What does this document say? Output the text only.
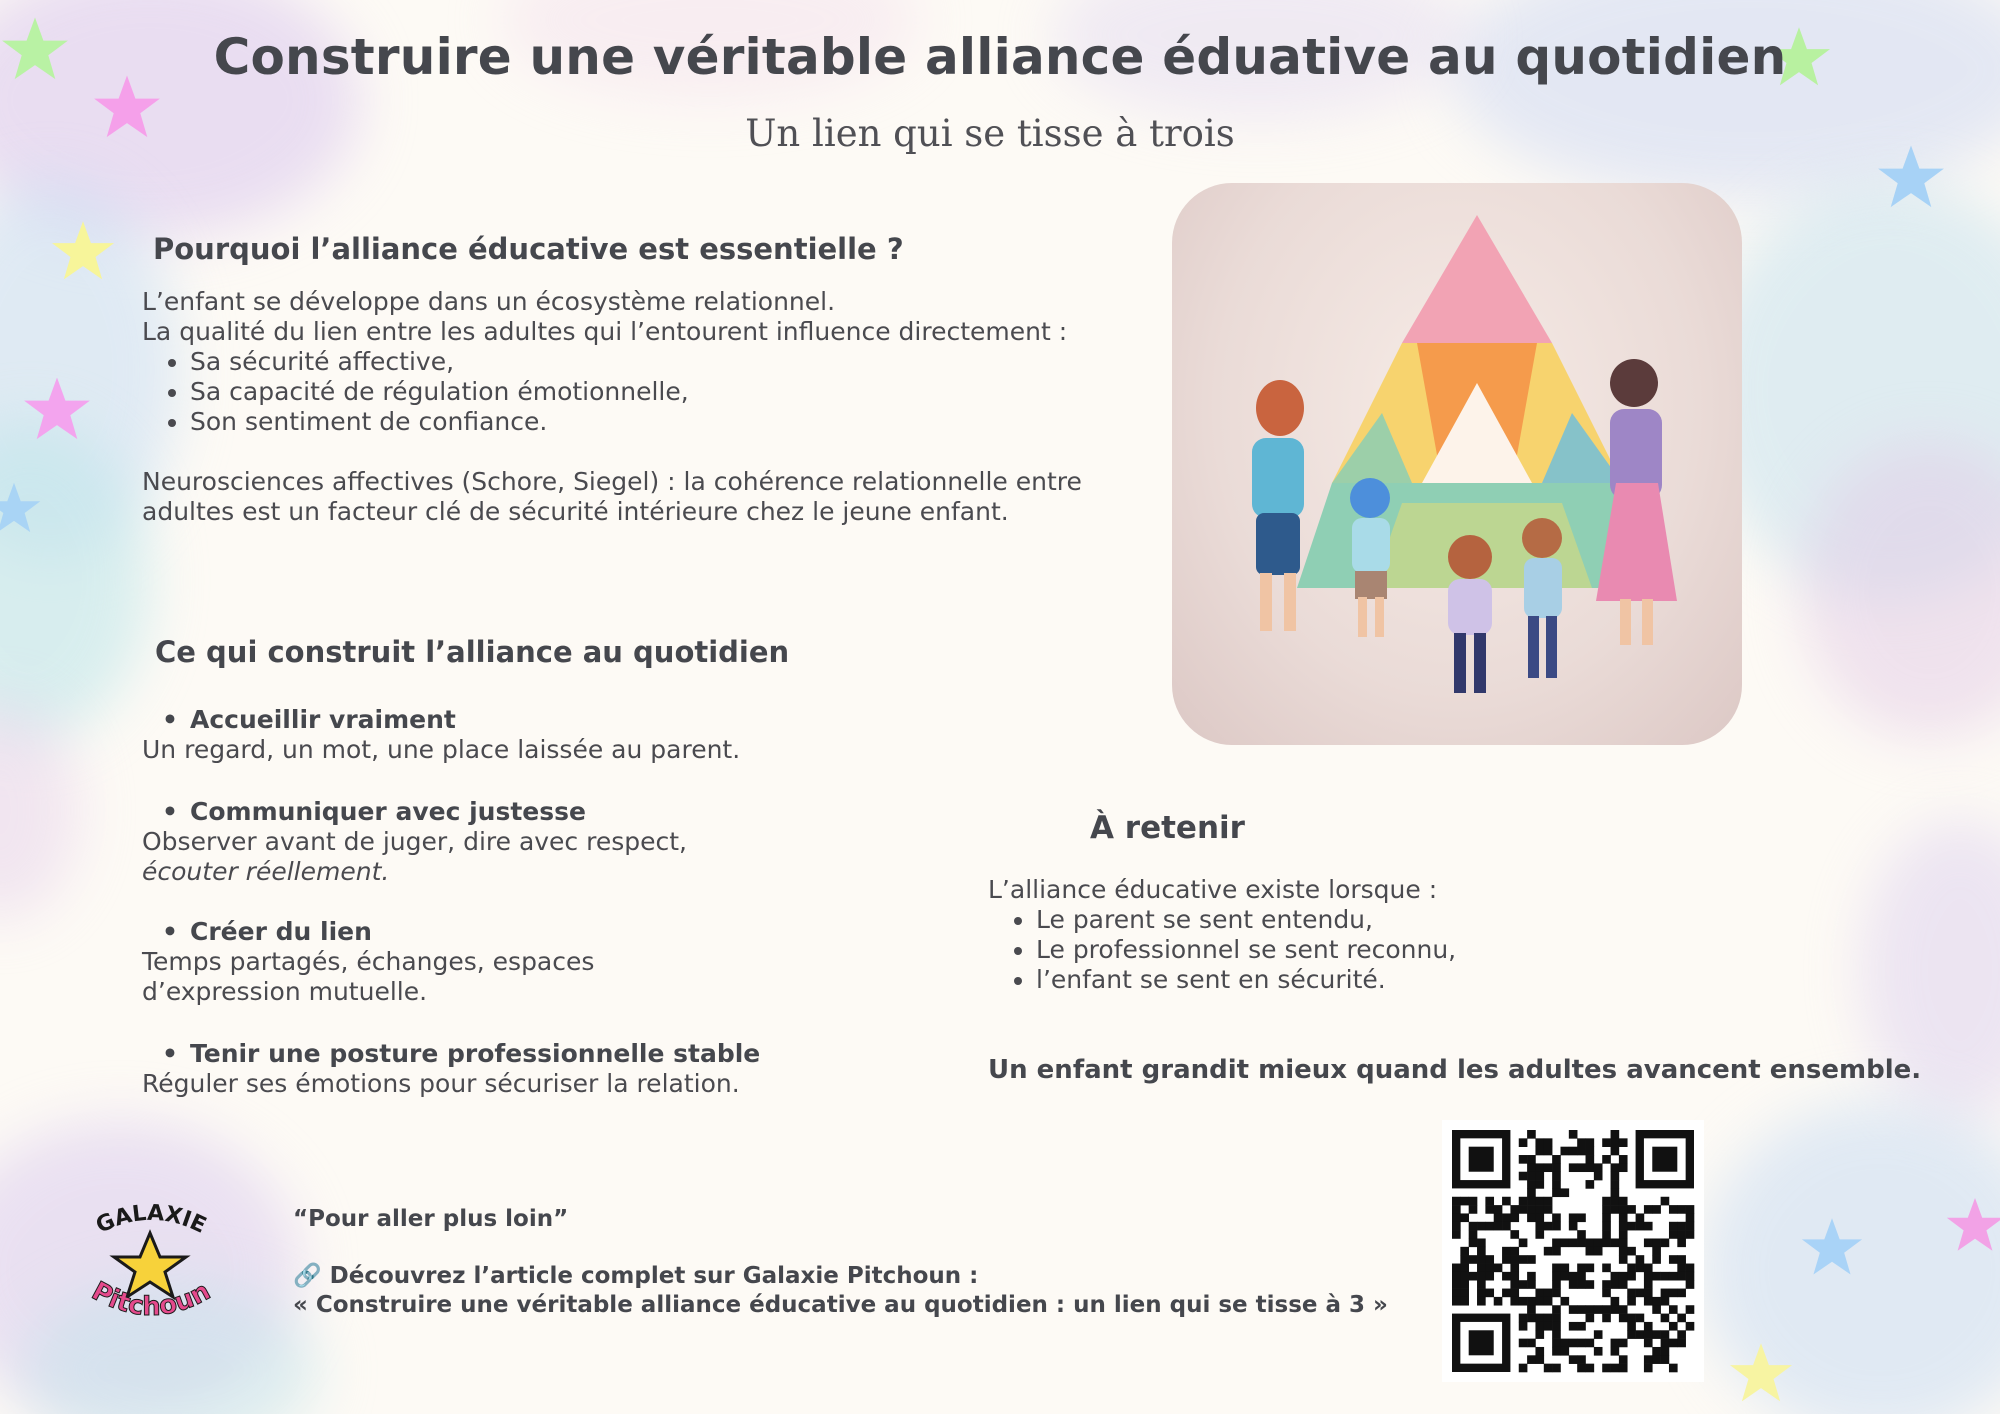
Construire une véritable alliance éduative au quotidien
Un lien qui se tisse à trois
Pourquoi l’alliance éducative est essentielle ?

L’enfant se développe dans un écosystème relationnel.

La qualité du lien entre les adultes qui l’entourent influence directement :

• Sa sécurité affective,
• Sa capacité de régulation émotionnelle,
• Son sentiment de confiance.

Neurosciences affectives (Schore, Siegel) : la cohérence relationnelle entre

adultes est un facteur clé de sécurité intérieure chez le jeune enfant.

Ce qui construit l’alliance au quotidien

• Accueillir vraiment

Un regard, un mot, une place laissée au parent.

• Communiquer avec justesse

Observer avant de juger, dire avec respect,

écouter réellement.

• Créer du lien

Temps partagés, échanges, espaces

d’expression mutuelle.

• Tenir une posture professionnelle stable

Réguler ses émotions pour sécuriser la relation.

À retenir

L’alliance éducative existe lorsque :

• Le parent se sent entendu,
• Le professionnel se sent reconnu,
• l’enfant se sent en sécurité.
Un enfant grandit mieux quand les adultes avancent ensemble.
GALAXIE
Pitchoun

“Pour aller plus loin”

🔗 Découvrez l’article complet sur Galaxie Pitchoun :

« Construire une véritable alliance éducative au quotidien : un lien qui se tisse à 3 »
